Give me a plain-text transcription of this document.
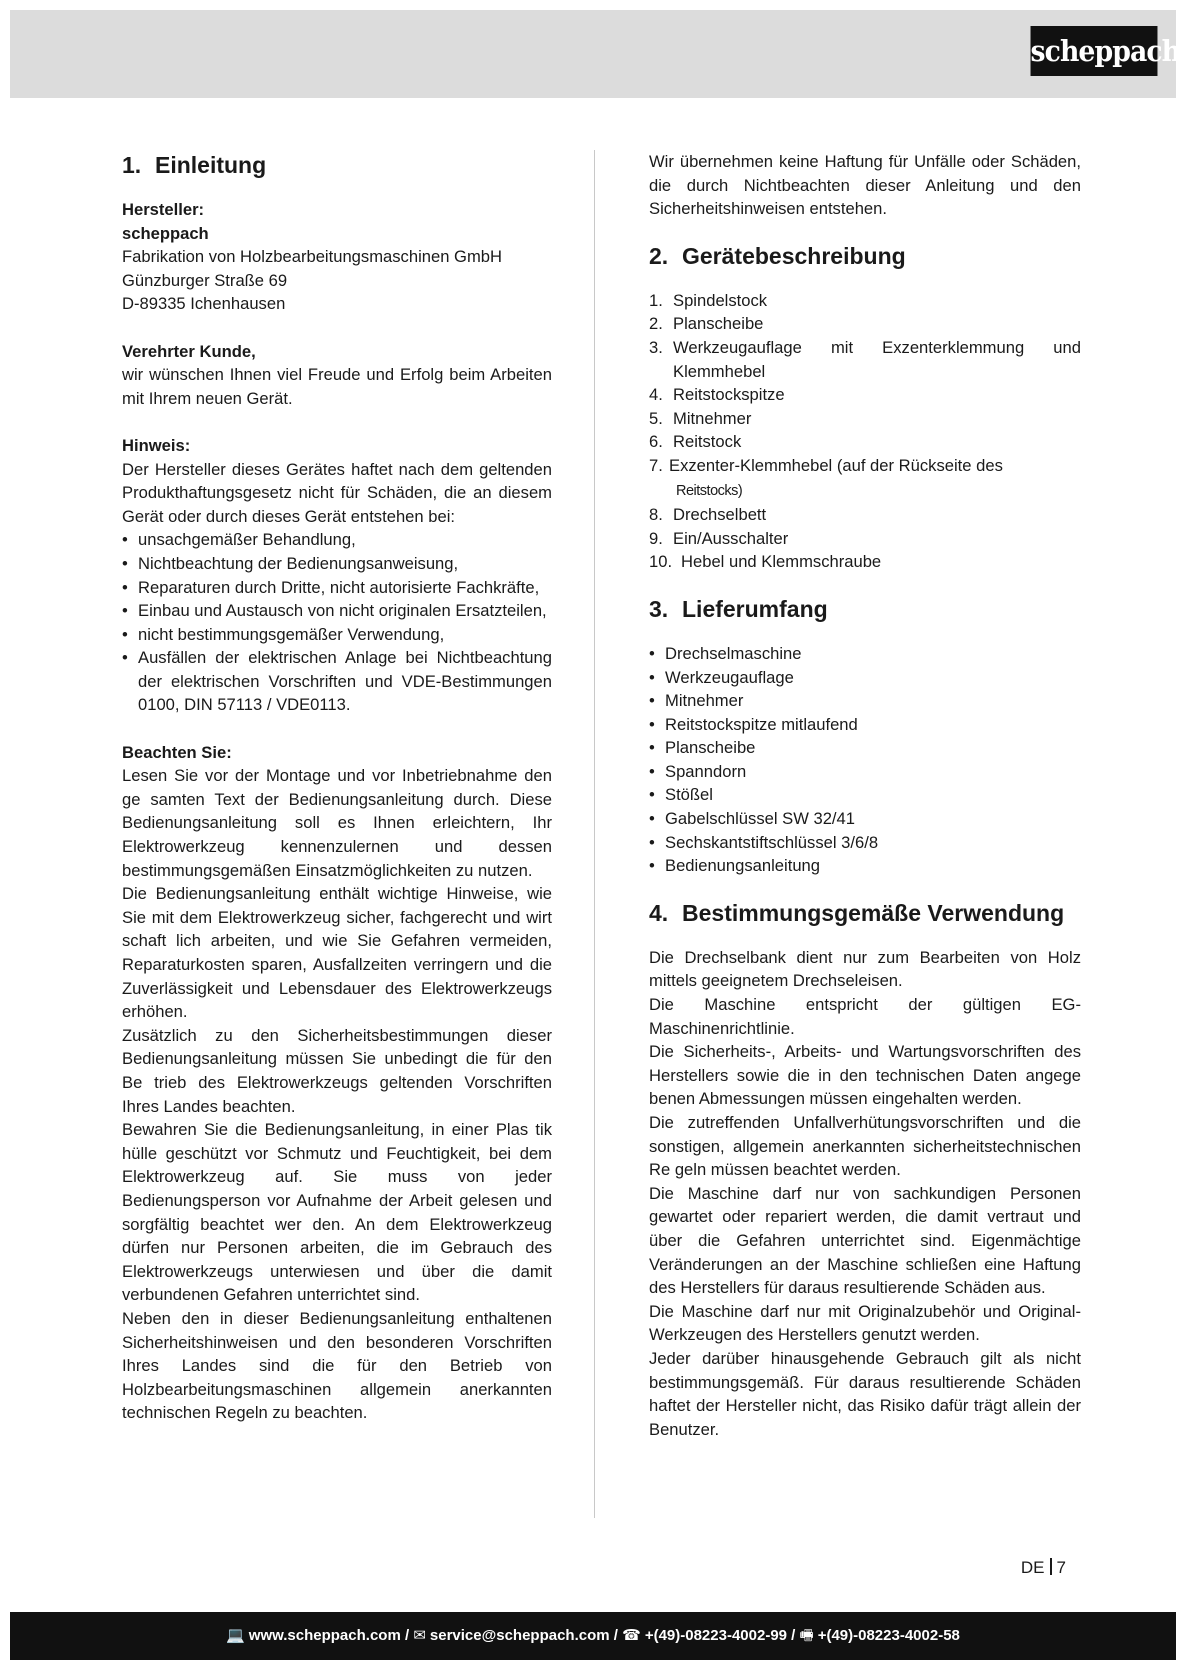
scheppach
1. Einleitung
Hersteller:
scheppach
Fabrikation von Holzbearbeitungsmaschinen GmbH
Günzburger Straße 69
D-89335 Ichenhausen
Verehrter Kunde,
wir wünschen Ihnen viel Freude und Erfolg beim Arbeiten mit Ihrem neuen Gerät.
Hinweis:
Der Hersteller dieses Gerätes haftet nach dem geltenden Produkthaftungsgesetz nicht für Schäden, die an diesem Gerät oder durch dieses Gerät entstehen bei:
• unsachgemäßer Behandlung,
• Nichtbeachtung der Bedienungsanweisung,
• Reparaturen durch Dritte, nicht autorisierte Fachkräfte,
• Einbau und Austausch von nicht originalen Ersatzteilen,
• nicht bestimmungsgemäßer Verwendung,
• Ausfällen der elektrischen Anlage bei Nichtbeachtung der elektrischen Vorschriften und VDE-Bestimmungen 0100, DIN 57113 / VDE0113.
Beachten Sie:
Lesen Sie vor der Montage und vor Inbetriebnahme den ge samten Text der Bedienungsanleitung durch. Diese Bedienungsanleitung soll es Ihnen erleichtern, Ihr Elektrowerkzeug kennenzulernen und dessen bestimmungsgemäßen Einsatzmöglichkeiten zu nutzen.
Die Bedienungsanleitung enthält wichtige Hinweise, wie Sie mit dem Elektrowerkzeug sicher, fachgerecht und wirt schaft lich arbeiten, und wie Sie Gefahren vermeiden, Reparaturkosten sparen, Ausfallzeiten verringern und die Zuverlässigkeit und Lebensdauer des Elektrowerkzeugs erhöhen.
Zusätzlich zu den Sicherheitsbestimmungen dieser Bedienungsanleitung müssen Sie unbedingt die für den Be trieb des Elektrowerkzeugs geltenden Vorschriften Ihres Landes beachten.
Bewahren Sie die Bedienungsanleitung, in einer Plas tik hülle geschützt vor Schmutz und Feuchtigkeit, bei dem Elektrowerkzeug auf. Sie muss von jeder Bedienungsperson vor Aufnahme der Arbeit gelesen und sorgfältig beachtet wer den. An dem Elektrowerkzeug dürfen nur Personen arbeiten, die im Gebrauch des Elektrowerkzeugs unterwiesen und über die damit verbundenen Gefahren unterrichtet sind.
Neben den in dieser Bedienungsanleitung enthaltenen Sicherheitshinweisen und den besonderen Vorschriften Ihres Landes sind die für den Betrieb von Holzbearbeitungsmaschinen allgemein anerkannten technischen Regeln zu beachten.
Wir übernehmen keine Haftung für Unfälle oder Schäden, die durch Nichtbeachten dieser Anleitung und den Sicherheitshinweisen entstehen.
2. Gerätebeschreibung
1. Spindelstock
2. Planscheibe
3. Werkzeugauflage mit Exzenterklemmung und Klemmhebel
4. Reitstockspitze
5. Mitnehmer
6. Reitstock
7. Exzenter-Klemmhebel (auf der Rückseite des
Reitstocks)
8. Drechselbett
9. Ein/Ausschalter
10. Hebel und Klemmschraube
3. Lieferumfang
• Drechselmaschine
• Werkzeugauflage
• Mitnehmer
• Reitstockspitze mitlaufend
• Planscheibe
• Spanndorn
• Stößel
• Gabelschlüssel SW 32/41
• Sechskantstiftschlüssel 3/6/8
• Bedienungsanleitung
4. Bestimmungsgemäße Verwendung
Die Drechselbank dient nur zum Bearbeiten von Holz mittels geeignetem Drechseleisen.
Die Maschine entspricht der gültigen EG-Maschinenrichtlinie.
Die Sicherheits-, Arbeits- und Wartungsvorschriften des Herstellers sowie die in den technischen Daten angege benen Abmessungen müssen eingehalten werden.
Die zutreffenden Unfallverhütungsvorschriften und die sonstigen, allgemein anerkannten sicherheitstechnischen Re geln müssen beachtet werden.
Die Maschine darf nur von sachkundigen Personen gewartet oder repariert werden, die damit vertraut und über die Gefahren unterrichtet sind. Eigenmächtige Veränderungen an der Maschine schließen eine Haftung des Herstellers für daraus resultierende Schäden aus.
Die Maschine darf nur mit Originalzubehör und Original- Werkzeugen des Herstellers genutzt werden.
Jeder darüber hinausgehende Gebrauch gilt als nicht bestimmungsgemäß. Für daraus resultierende Schäden haftet der Hersteller nicht, das Risiko dafür trägt allein der Benutzer.
DE 7
💻 www.scheppach.com / ✉ service@scheppach.com / ☎ +(49)-08223-4002-99 / 🖷 +(49)-08223-4002-58
